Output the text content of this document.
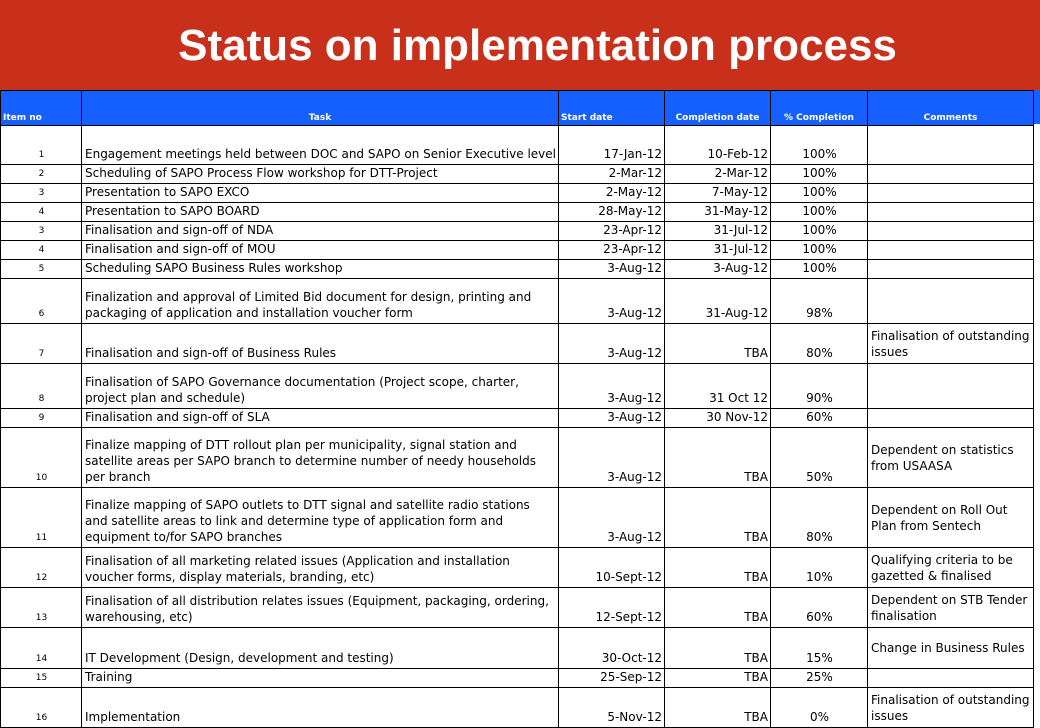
Status on implementation process
Item no	Task	Start date	Completion date	% Completion	Comments
1	Engagement meetings held between DOC and SAPO on Senior Executive level	17-Jan-12	10-Feb-12	100%	
2	Scheduling of SAPO Process Flow workshop for DTT-Project	2-Mar-12	2-Mar-12	100%	
3	Presentation to SAPO EXCO	2-May-12	7-May-12	100%	
4	Presentation to SAPO BOARD	28-May-12	31-May-12	100%	
3	Finalisation and sign-off of NDA	23-Apr-12	31-Jul-12	100%	
4	Finalisation and sign-off of MOU	23-Apr-12	31-Jul-12	100%	
5	Scheduling SAPO Business Rules workshop	3-Aug-12	3-Aug-12	100%	
6	Finalization and approval of Limited Bid document for design, printing and packaging of application and installation voucher form	3-Aug-12	31-Aug-12	98%	
7	Finalisation and sign-off of Business Rules	3-Aug-12	TBA	80%	Finalisation of outstanding issues
8	Finalisation of SAPO Governance documentation (Project scope, charter, project plan and schedule)	3-Aug-12	31 Oct 12	90%	
9	Finalisation and sign-off of SLA	3-Aug-12	30 Nov-12	60%	
10	Finalize mapping of DTT rollout plan per municipality, signal station and satellite areas per SAPO branch to determine number of needy households per branch	3-Aug-12	TBA	50%	Dependent on statistics from USAASA
11	Finalize mapping of SAPO outlets to DTT signal and satellite radio stations and satellite areas to link and determine type of application form and equipment to/for SAPO branches	3-Aug-12	TBA	80%	Dependent on Roll Out Plan from Sentech
12	Finalisation of all marketing related issues (Application and installation voucher forms, display materials, branding, etc)	10-Sept-12	TBA	10%	Qualifying criteria to be gazetted & finalised
13	Finalisation of all distribution relates issues (Equipment, packaging, ordering, warehousing, etc)	12-Sept-12	TBA	60%	Dependent on STB Tender finalisation
14	IT Development (Design, development and testing)	30-Oct-12	TBA	15%	Change in Business Rules
15	Training	25-Sep-12	TBA	25%	
16	Implementation	5-Nov-12	TBA	0%	Finalisation of outstanding issues
